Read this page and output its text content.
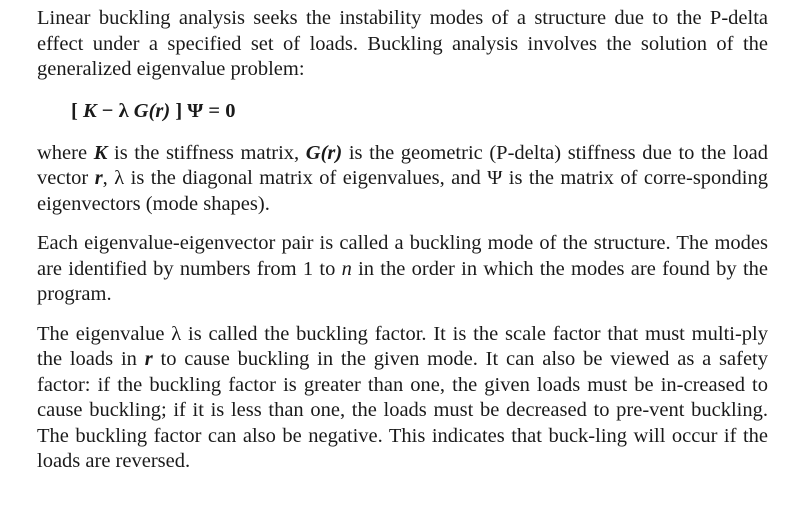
Linear buckling analysis seeks the instability modes of a structure due to the P-delta effect under a specified set of loads. Buckling analysis involves the solution of the generalized eigenvalue problem:

[ K − λ G(r) ] Ψ = 0

where K is the stiffness matrix, G(r) is the geometric (P-delta) stiffness due to the load vector r, λ is the diagonal matrix of eigenvalues, and Ψ is the matrix of corre-sponding eigenvectors (mode shapes).

Each eigenvalue-eigenvector pair is called a buckling mode of the structure. The modes are identified by numbers from 1 to n in the order in which the modes are found by the program.

The eigenvalue λ is called the buckling factor. It is the scale factor that must multi-ply the loads in r to cause buckling in the given mode. It can also be viewed as a safety factor: if the buckling factor is greater than one, the given loads must be in-creased to cause buckling; if it is less than one, the loads must be decreased to pre-vent buckling. The buckling factor can also be negative. This indicates that buck-ling will occur if the loads are reversed.
